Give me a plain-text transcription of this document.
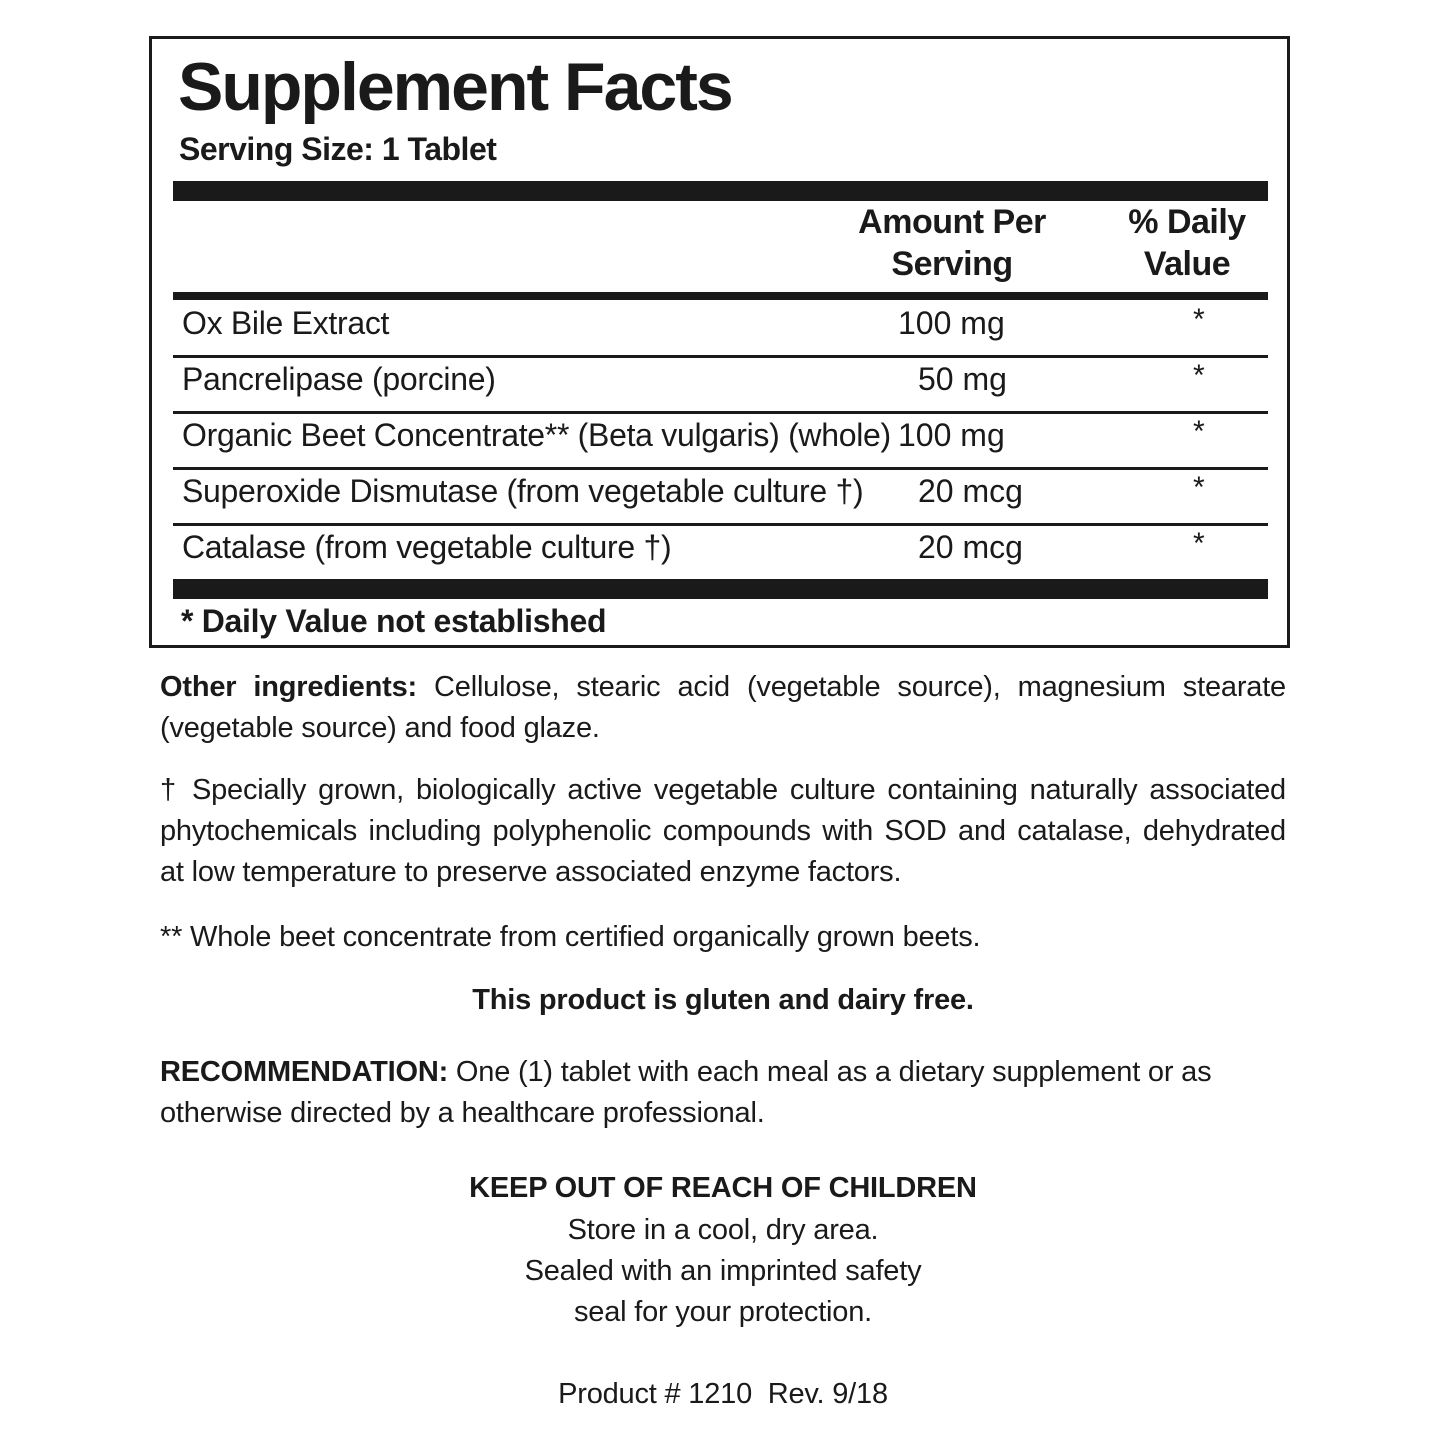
Supplement Facts
Serving Size: 1 Tablet
Amount Per
Serving
% Daily
Value
Ox Bile Extract	100 mg	*
Pancrelipase (porcine)	50 mg	*
Organic Beet Concentrate** (Beta vulgaris) (whole) 100 mg	*
Superoxide Dismutase (from vegetable culture †) 20 mcg	*
Catalase (from vegetable culture †)	20 mcg	*
* Daily Value not established

Other ingredients: Cellulose, stearic acid (vegetable source), magnesium stearate (vegetable source) and food glaze.

† Specially grown, biologically active vegetable culture containing naturally associated phytochemicals including polyphenolic compounds with SOD and catalase, dehydrated at low temperature to preserve associated enzyme factors.

** Whole beet concentrate from certified organically grown beets.

This product is gluten and dairy free.

RECOMMENDATION: One (1) tablet with each meal as a dietary supplement or as otherwise directed by a healthcare professional.

KEEP OUT OF REACH OF CHILDREN

Store in a cool, dry area.

Sealed with an imprinted safety

seal for your protection.

Product # 1210  Rev. 9/18
